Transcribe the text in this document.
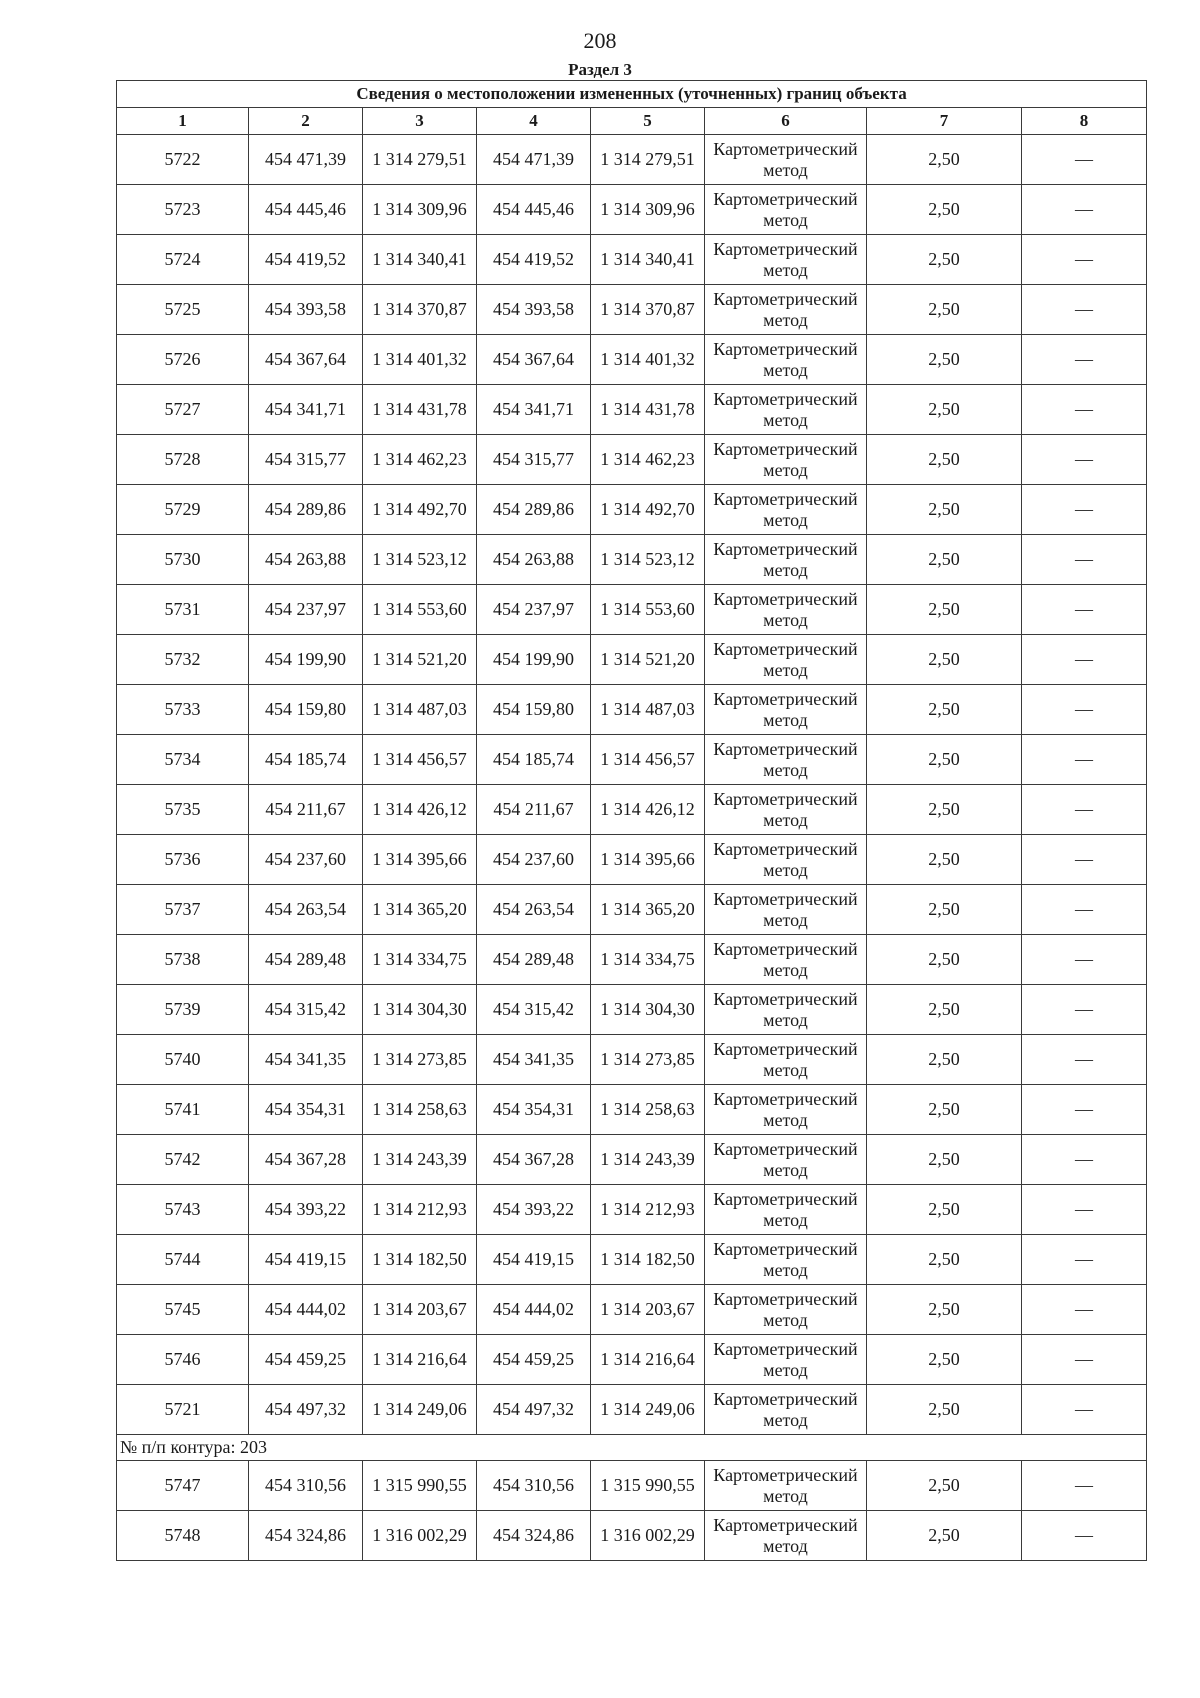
208
Раздел 3
Сведения о местоположении измененных (уточненных) границ объекта							
1	2	3	4	5	6	7	8
5722	454 471,39	1 314 279,51	454 471,39	1 314 279,51	Картометрический метод	2,50	—
5723	454 445,46	1 314 309,96	454 445,46	1 314 309,96	Картометрический метод	2,50	—
5724	454 419,52	1 314 340,41	454 419,52	1 314 340,41	Картометрический метод	2,50	—
5725	454 393,58	1 314 370,87	454 393,58	1 314 370,87	Картометрический метод	2,50	—
5726	454 367,64	1 314 401,32	454 367,64	1 314 401,32	Картометрический метод	2,50	—
5727	454 341,71	1 314 431,78	454 341,71	1 314 431,78	Картометрический метод	2,50	—
5728	454 315,77	1 314 462,23	454 315,77	1 314 462,23	Картометрический метод	2,50	—
5729	454 289,86	1 314 492,70	454 289,86	1 314 492,70	Картометрический метод	2,50	—
5730	454 263,88	1 314 523,12	454 263,88	1 314 523,12	Картометрический метод	2,50	—
5731	454 237,97	1 314 553,60	454 237,97	1 314 553,60	Картометрический метод	2,50	—
5732	454 199,90	1 314 521,20	454 199,90	1 314 521,20	Картометрический метод	2,50	—
5733	454 159,80	1 314 487,03	454 159,80	1 314 487,03	Картометрический метод	2,50	—
5734	454 185,74	1 314 456,57	454 185,74	1 314 456,57	Картометрический метод	2,50	—
5735	454 211,67	1 314 426,12	454 211,67	1 314 426,12	Картометрический метод	2,50	—
5736	454 237,60	1 314 395,66	454 237,60	1 314 395,66	Картометрический метод	2,50	—
5737	454 263,54	1 314 365,20	454 263,54	1 314 365,20	Картометрический метод	2,50	—
5738	454 289,48	1 314 334,75	454 289,48	1 314 334,75	Картометрический метод	2,50	—
5739	454 315,42	1 314 304,30	454 315,42	1 314 304,30	Картометрический метод	2,50	—
5740	454 341,35	1 314 273,85	454 341,35	1 314 273,85	Картометрический метод	2,50	—
5741	454 354,31	1 314 258,63	454 354,31	1 314 258,63	Картометрический метод	2,50	—
5742	454 367,28	1 314 243,39	454 367,28	1 314 243,39	Картометрический метод	2,50	—
5743	454 393,22	1 314 212,93	454 393,22	1 314 212,93	Картометрический метод	2,50	—
5744	454 419,15	1 314 182,50	454 419,15	1 314 182,50	Картометрический метод	2,50	—
5745	454 444,02	1 314 203,67	454 444,02	1 314 203,67	Картометрический метод	2,50	—
5746	454 459,25	1 314 216,64	454 459,25	1 314 216,64	Картометрический метод	2,50	—
5721	454 497,32	1 314 249,06	454 497,32	1 314 249,06	Картометрический метод	2,50	—
№ п/п контура: 203							
5747	454 310,56	1 315 990,55	454 310,56	1 315 990,55	Картометрический метод	2,50	—
5748	454 324,86	1 316 002,29	454 324,86	1 316 002,29	Картометрический метод	2,50	—
